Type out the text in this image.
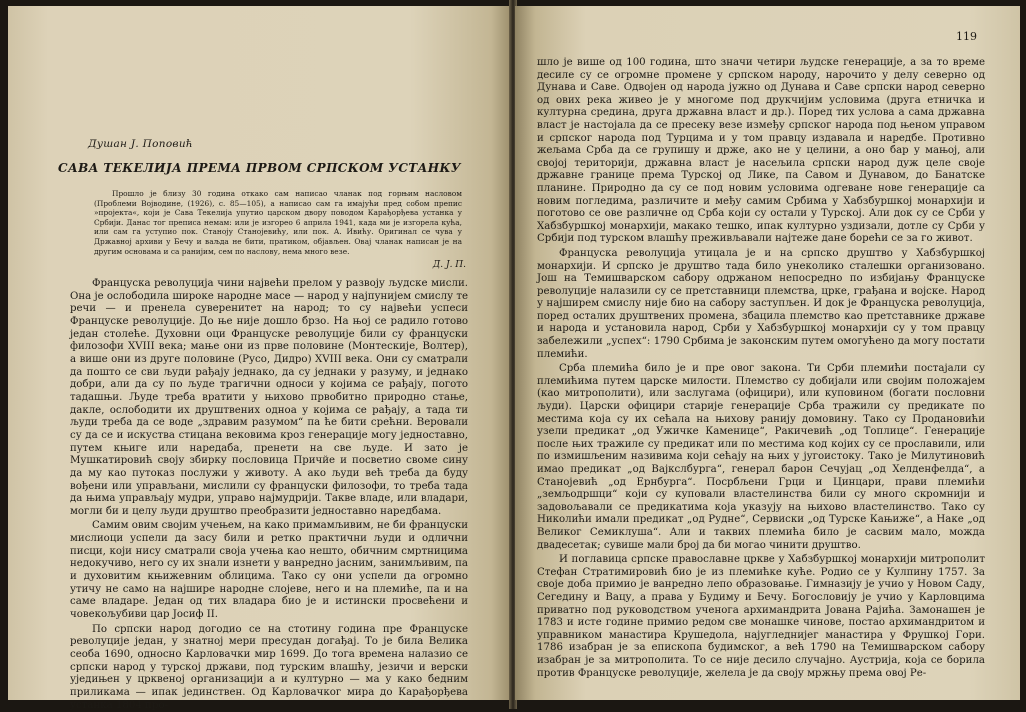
Душан Ј. Поповић
САВА ТЕКЕЛИЈА ПРЕМА ПРВОМ СРПСКОМ УСТАНКУ
Прошло је близу 30 година откако сам написао чланак под горњим насловом (Проблеми Војводине, (1926), с. 85—105), а написао сам га имајући пред собом препис »пројекта«, који је Сава Текелија упутио царском двору поводом Карађорђева устанка у Србији. Данас тог преписа немам: или је изгорео 6 априла 1941, када ми је изгорела кућа, или сам га уступио пок. Станоју Станојевићу, или пок. А. Ивићу. Оригинал се чува у Државној архиви у Бечу и ваљда не бити, пратиком, објављен. Овај чланак написан је на другим основама и са ранијим, сем по наслову, нема много везе.
Д. Ј. П.

Француска револуција чини највећи прелом у развоју људске мисли. Она је ослободила широке народне масе — народ у најпунијем смислу те речи — и пренела суверенитет на народ; то су највећи успеси Француске револуције. До ње није дошло брзо. На њој се радило готово један столеће. Духовни оци Француске револуције били су француски филозофи XVIII века; мање они из прве половине (Монтескије, Волтер), а више они из друге половине (Русо, Дидро) XVIII века. Они су сматрали да пошто се сви људи рађају једнако, да су једнаки у разуму, и једнако добри, али да су по људе трагични односи у којима се рађају, погото тадашњи. Људе треба вратити у њихово првобитно природно стање, дакле, ослободити их друштвених одноа у којима се рађају, а тада ти људи треба да се воде „здравим разумом“ па ће бити срећни. Веровали су да се и искуства стицана вековима кроз генерације могу једноставно, путем књиге или наредаба, пренети на све људе. И зато је Мушкатировић своју збирку пословица Пpичйe и посветио своме сину да му као путоказ послужи у животу. А ако људи већ треба да буду вођени или управљани, мислили су француски филозофи, то треба тада да њима управљају мудри, управо најмудрији. Такве владе, или владари, могли би и целу људи друштво преобразити једноставно наредбама.

Самим овим својим учењем, на како примамљивим, не би француски мислиоци успели да засу били и ретко практични људи и одлични писци, који нису сматрали своја учења као нешто, обичним смртницима недокучиво, него су их знали изнети у ванредно јасним, занимљивим, па и духовитим књижевним облицима. Тако су они успели да огромно утичу не само на најшире народне слојеве, него и на племиће, па и на саме владаре. Један од тих владара био је и истински просвећени и човекољубиви цар Јосиф II.

По српски народ догодио се на стотину година пре Француске револуције један, у знатној мери пресудан догађај. То је била Велика сеоба 1690, односно Карловачки мир 1699. До тога времена налазио се српски народ у турској држави, под турским влашћу, језичи и верски уједињен у црквеној организацији а и културно — ма у како бедним приликама — ипак јединствен. Од Карловачког мира до Карађорђева устанка 1804 про-

119

шло је више од 100 година, што значи четири људске генерације, а за то време десиле су се огромне промене у српском народу, нарочито у делу северно од Дунава и Саве. Одвојен од народа јужно од Дунава и Саве српски народ северно од ових река живео је у многоме под друкчијим условима (друга етничка и културна средина, друга државна власт и др.). Поред тих услова а сама државна власт је настојала да се пресеку везе између српског народа под њеном управом и српског народа под Турцима и у том правцу издавала и наредбе. Противно жељама Срба да се групишу и држе, ако не у целини, а оно бар у мањој, али својој територији, државна власт је насељила српски народ дуж целе своје државне границе према Турској од Лике, па Савом и Дунавом, до Банатске планине. Природно да су се под новим условима одгеване нове генерације са новим погледима, различите и међу самим Србима у Хабзбуршкој монархији и поготово се ове различне од Срба који су остали у Турској. Али док су се Срби у Хабзбуршкој монархији, макако тешко, ипак културно уздизали, дотле су Срби у Србији под турском влашћу преживљавали најтеже дане борећи се за го живот.

Француска револуција утицала је и на српско друштво у Хабзбуршкој монархији. И српско је друштво тада било унеколико сталешки организовано. Још на Темишварском сабору одржаном непосредно по избијању Француске револуције налазили су се претставници племства, црке, грађана и војске. Народ у најширем смислу није био на сабору заступљен. И док је Француска револуција, поред осталих друштвених промена, збацила племство као претставнике државе и народа и установила народ, Срби у Хабзбуршкој монархији су у том правцу забележили „успех“: 1790 Србима је законским путем омогућено да могу постати племићи.

Срба племића било је и пре овог закона. Ти Срби племићи постајали су племићима путем царске милости. Племство су добијали или својим положајем (као митрополити), или заслугама (официри), или куповином (богати пословни људи). Царски официри старије генерације Срба тражили су предикате по местима која су их сећала на њихову ранију домовину. Тако су Продановићи узели предикат „од Ужичке Каменице“, Ракичевић „од Топлице“. Генерације после њих тражиле су предикат или по местима код којих су се прославили, или по измишљеним називима који сећају на њих у југоистоку. Тако је Милутиновић имао предикат „од Вајкслбурга“, генерал барон Сечујац „од Хелденфелда“, а Станојевић „од Ернбурга“. Посрбљени Грци и Цинцари, прави племићи „земљодршци“ који су куповали властелинства били су много скромнији и задовољавали се предикатима која указују на њихово властелинство. Тако су Николићи имали предикат „од Рудне“, Сервиски „од Турске Кањиже“, а Наке „од Великог Семиклуша“. Али и таквих племића било је сасвим мало, можда двадесетак; сувише мали број да би могао чинити друштво.

И поглавица српске православне цркве у Хабзбуршкој монархији митрополит Стефан Стратимировић био је из племићке куће. Родио се у Кулпину 1757. За своје доба примио је ванредно лепо образовање. Гимназију је учио у Новом Саду, Сегедину и Вацу, а права у Будиму и Бечу. Богословију је учио у Карловцима приватно под руководством ученога архимандрита Јована Рајића. Замонашен је 1783 и исте године примио редом све монашке чинове, постао архимандритом и управником манастира Крушедола, најугледнијег манастира у Фрушкој Гори. 1786 изабран је за епископа будимског, а већ 1790 на Темишварском сабору изабран је за митрополита. То се није десило случајно. Аустрија, која се борила против Француске револуције, желела је да своју мржњу према овој Ре-
